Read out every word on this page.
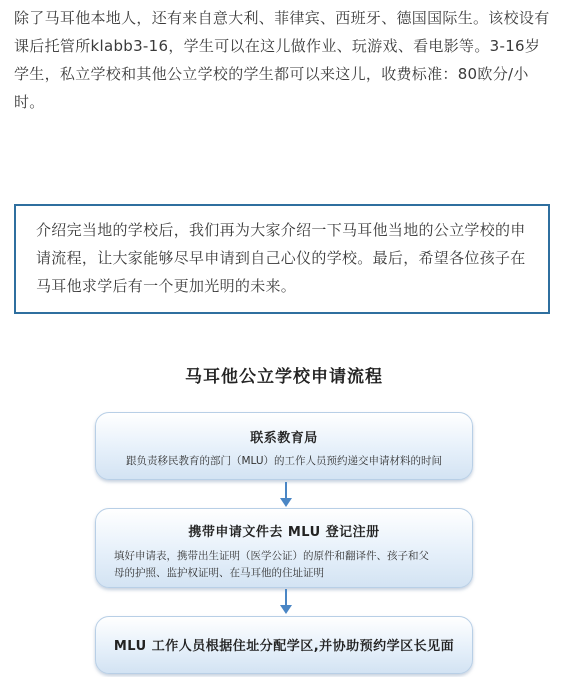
除了马耳他本地人，还有来自意大利、菲律宾、西班牙、德国国际生。该校设有
课后托管所klabb3-16，学生可以在这儿做作业、玩游戏、看电影等。3-16岁
学生，私立学校和其他公立学校的学生都可以来这儿，收费标准：80欧分/小
时。
介绍完当地的学校后，我们再为大家介绍一下马耳他当地的公立学校的申
请流程，让大家能够尽早申请到自己心仪的学校。最后，希望各位孩子在
马耳他求学后有一个更加光明的未来。
马耳他公立学校申请流程
联系教育局
跟负责移民教育的部门（MLU）的工作人员预约递交申请材料的时间
携带申请文件去 MLU 登记注册
填好申请表，携带出生证明（医学公证）的原件和翻译件、孩子和父
母的护照、监护权证明、在马耳他的住址证明
MLU 工作人员根据住址分配学区,并协助预约学区长见面
